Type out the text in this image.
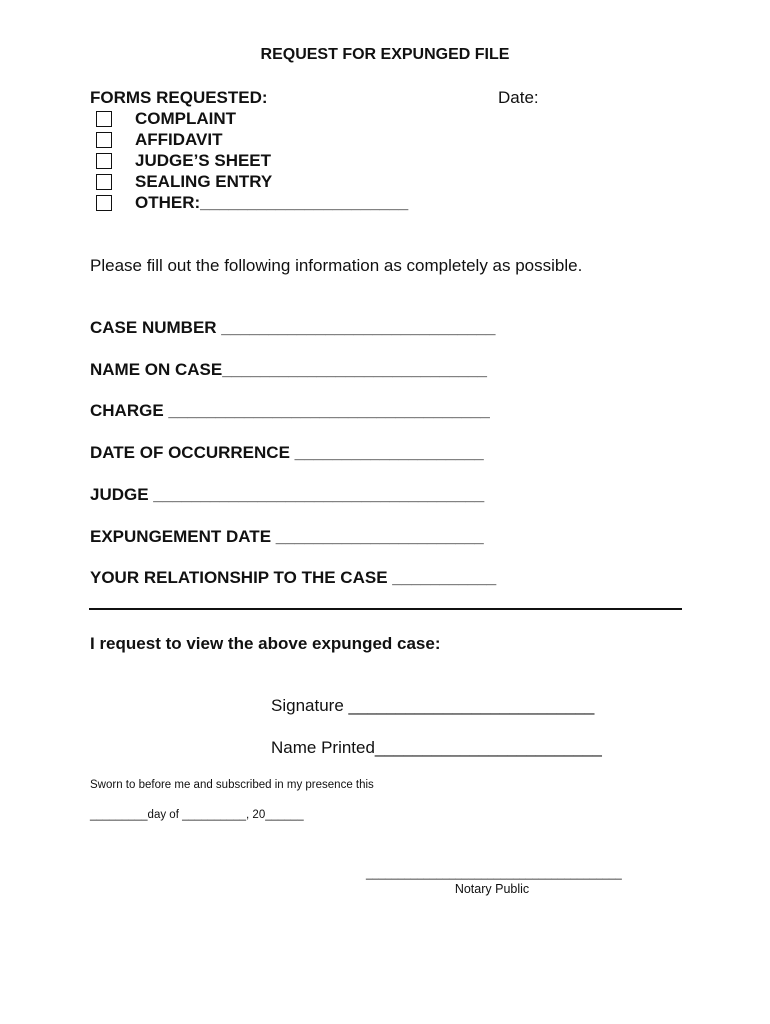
REQUEST FOR EXPUNGED FILE
FORMS REQUESTED:	Date:
COMPLAINT
AFFIDAVIT
JUDGE’S SHEET
SEALING ENTRY
OTHER:______________________
Please fill out the following information as completely as possible.
CASE NUMBER _____________________________
NAME ON CASE____________________________
CHARGE __________________________________
DATE OF OCCURRENCE ____________________
JUDGE ___________________________________
EXPUNGEMENT DATE ______________________
YOUR RELATIONSHIP TO THE CASE ___________
I request to view the above expunged case:
Signature __________________________
Name Printed________________________
Sworn to before me and subscribed in my presence this
_________day of __________, 20______
________________________________________
Notary Public
